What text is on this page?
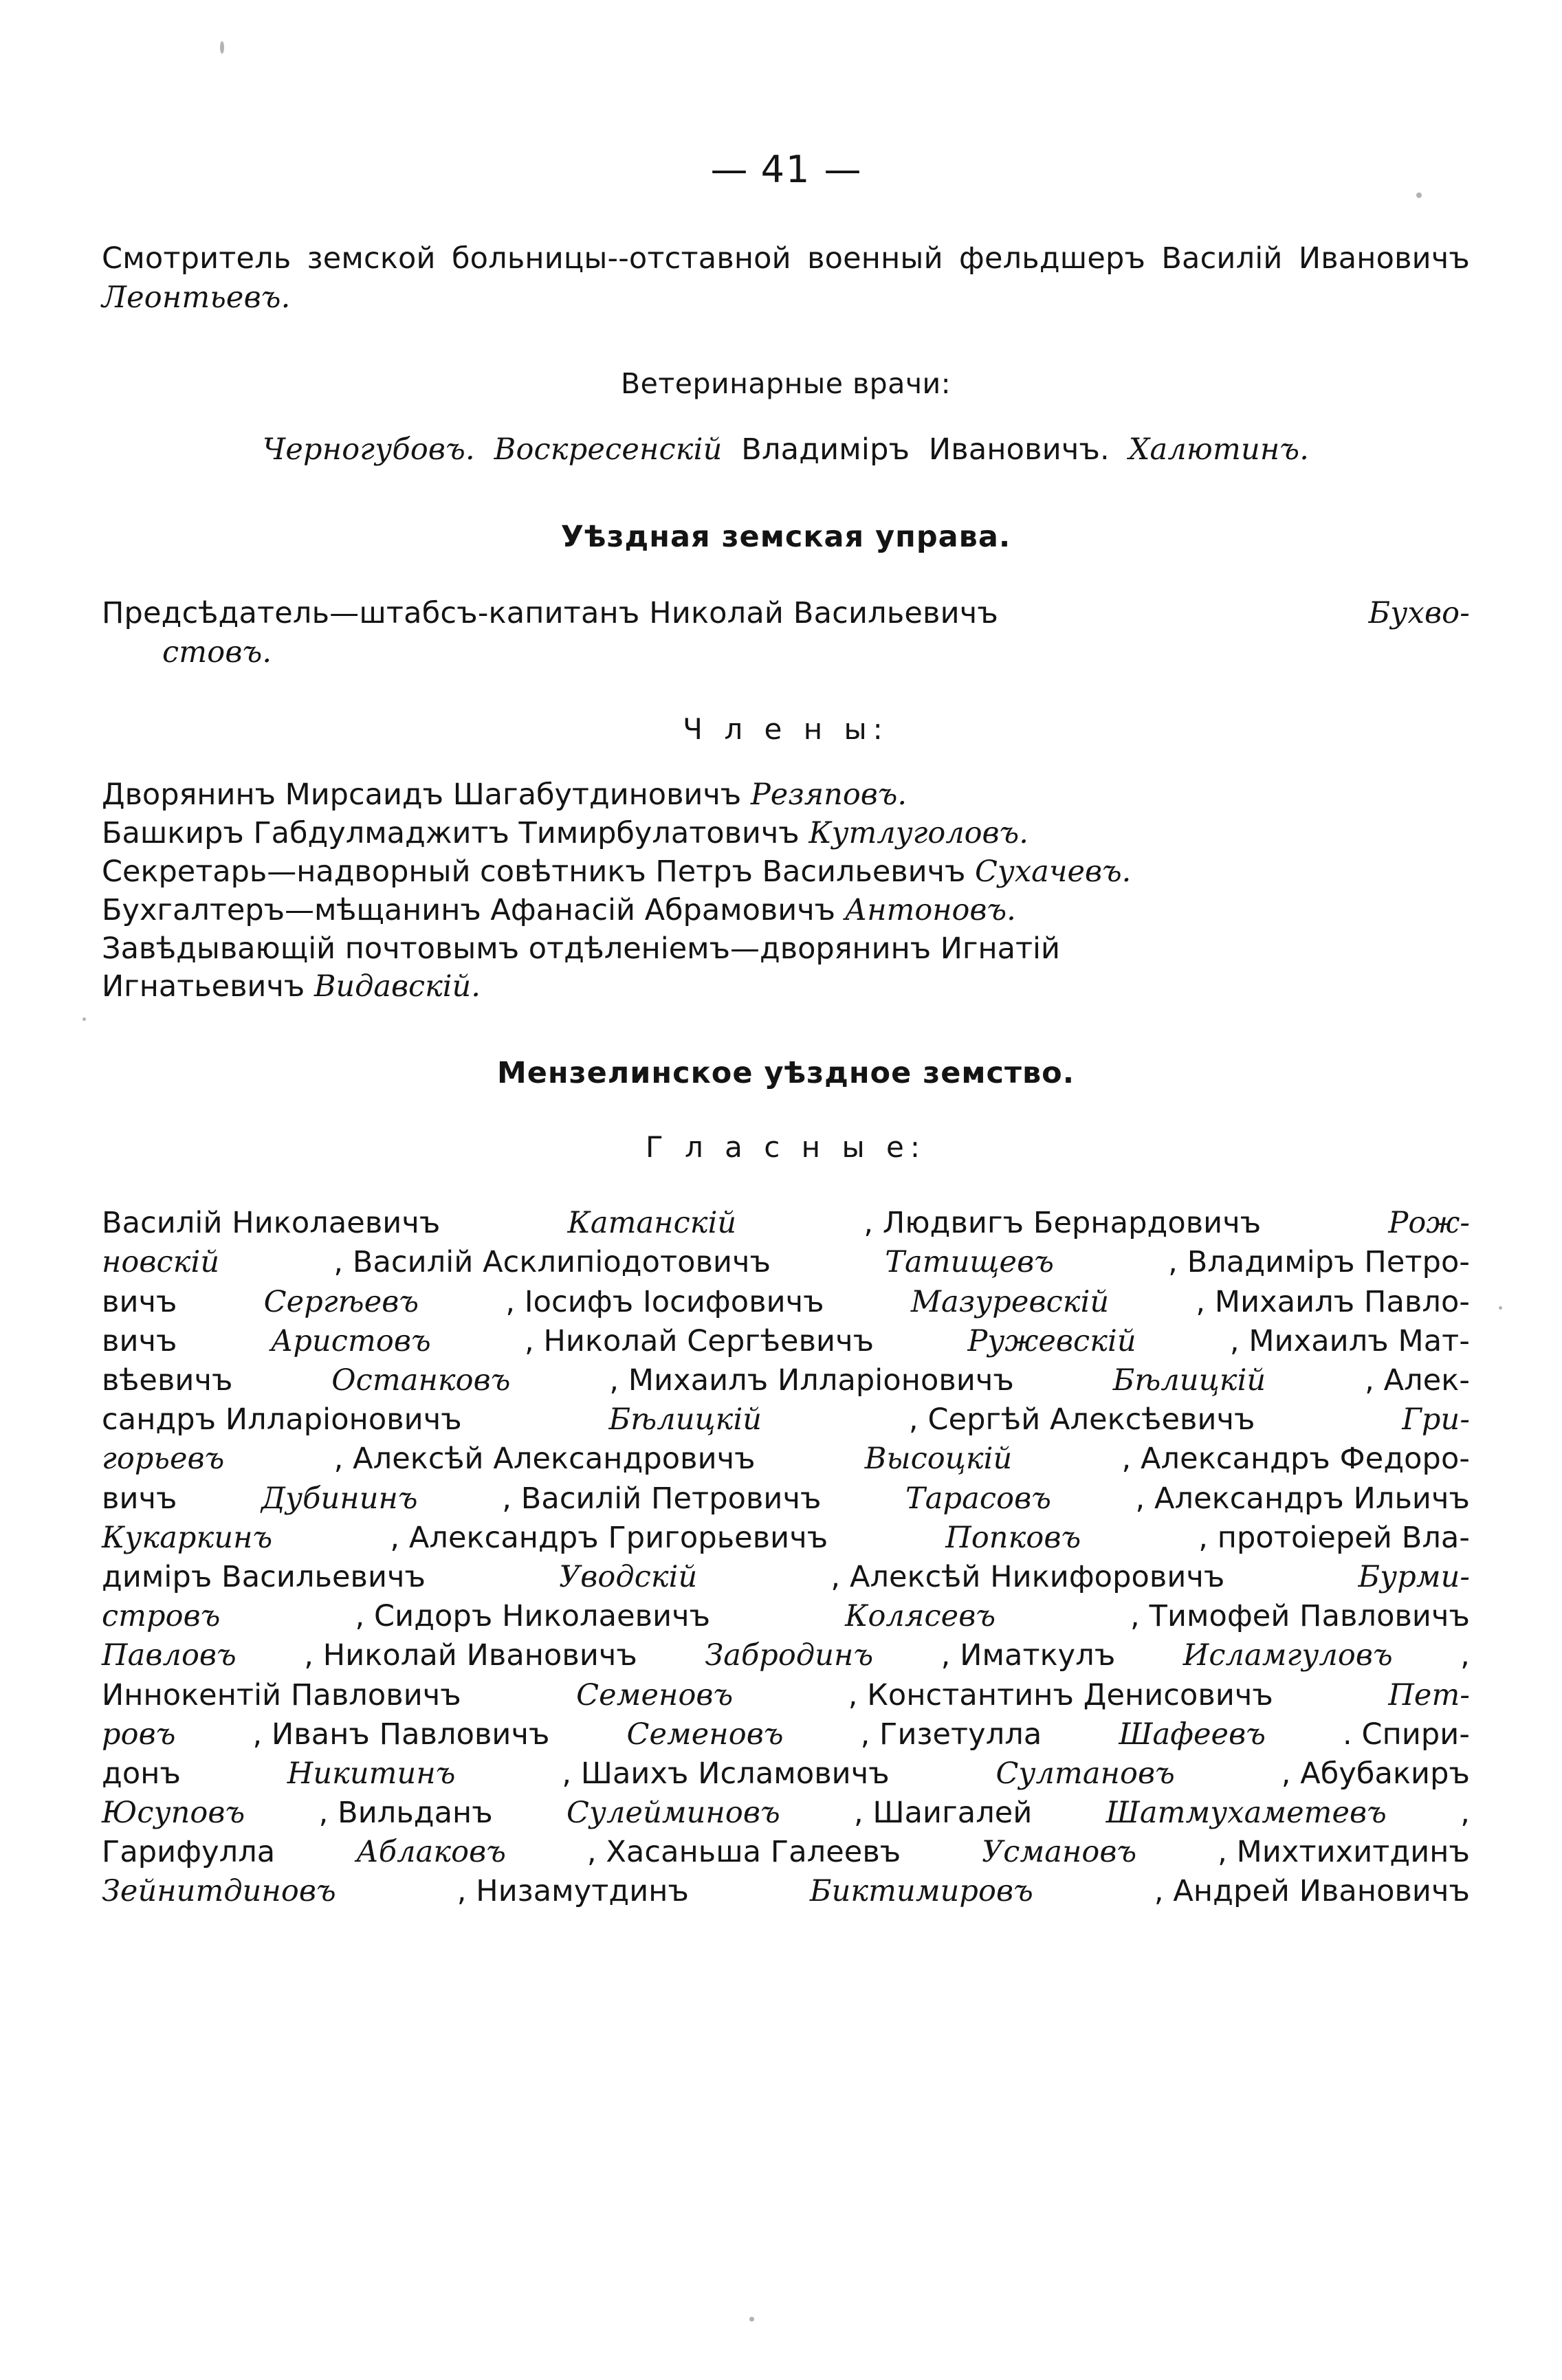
— 41 —
Смотритель земской больницы--отставной военный фельдшеръ Василій Ивановичъ Леонтьевъ.
Ветеринарные врачи:
Черногубовъ. Воскресенскій Владиміръ Ивановичъ. Халютинъ.
Уѣздная земская управа.
Предсѣдатель—штабсъ-капитанъ Николай Васильевичъ	Бухво-
стовъ.
Ч л е н ы:
Дворянинъ Мирсаидъ Шагабутдиновичъ Резяповъ.
Башкиръ Габдулмаджитъ Тимирбулатовичъ Кутлуголовъ.
Секретарь—надворный совѣтникъ Петръ Васильевичъ Сухачевъ.
Бухгалтеръ—мѣщанинъ Афанасій Абрамовичъ Антоновъ.
Завѣдывающій почтовымъ отдѣленіемъ—дворянинъ Игнатій
Игнатьевичъ Видавскій.
Мензелинское уѣздное земство.
Г л а с н ы е:
Василій Николаевичъ	Катанскій	, Людвигъ Бернардовичъ	Рож-
новскій	, Василій Асклипіодотовичъ	Татищевъ	, Владиміръ Петро-
вичъ	Сергѣевъ	, Іосифъ Іосифовичъ	Мазуревскій	, Михаилъ Павло-
вичъ	Аристовъ	, Николай Сергѣевичъ	Ружевскій	, Михаилъ Мат-
вѣевичъ	Останковъ	, Михаилъ Илларіоновичъ	Бѣлицкій	, Алек-
сандръ Илларіоновичъ	Бѣлицкій	, Сергѣй Алексѣевичъ	Гри-
горьевъ	, Алексѣй Александровичъ	Высоцкій	, Александръ Федоро-
вичъ	Дубининъ	, Василій Петровичъ	Тарасовъ	, Александръ Ильичъ
Кукаркинъ	, Александръ Григорьевичъ	Попковъ	, протоіерей Вла-
диміръ Васильевичъ	Уводскій	, Алексѣй Никифоровичъ	Бурми-
стровъ	, Сидоръ Николаевичъ	Колясевъ	, Тимофей Павловичъ
Павловъ , Николай Ивановичъ Забродинъ , Иматкулъ Исламгуловъ ,
Иннокентій Павловичъ	Семеновъ	, Константинъ Денисовичъ	Пет-
ровъ	, Иванъ Павловичъ	Семеновъ	, Гизетулла	Шафеевъ	. Спири-
донъ	Никитинъ	, Шаихъ Исламовичъ	Султановъ	, Абубакиръ
Юсуповъ , Вильданъ Сулейминовъ , Шаигалей Шатмухаметевъ ,
Гарифулла	Аблаковъ	, Хасаньша Галеевъ	Усмановъ	, Михтихитдинъ
Зейнитдиновъ	, Низамутдинъ	Биктимировъ	, Андрей Ивановичъ
